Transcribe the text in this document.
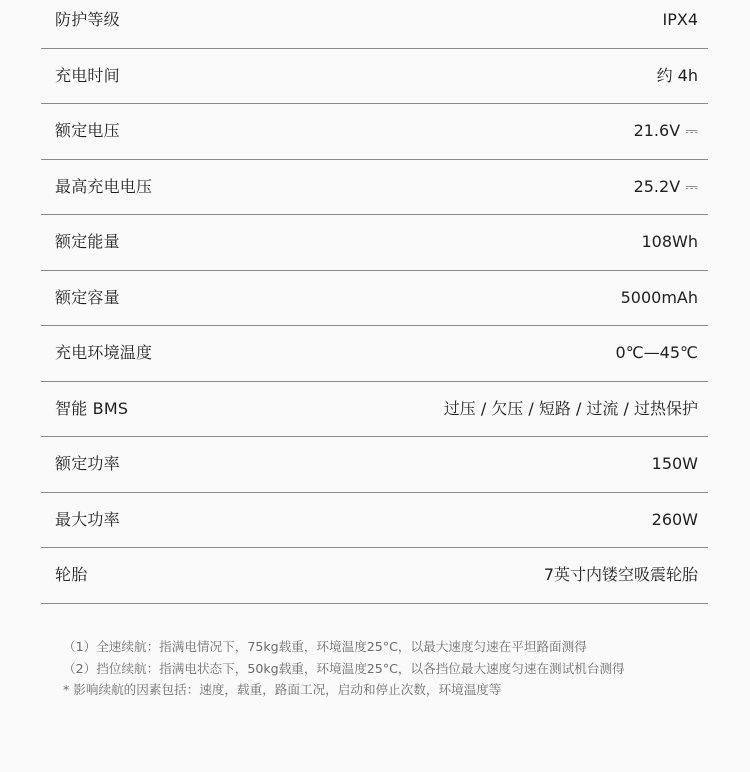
防护等级	IPX4
充电时间	约 4h
额定电压	21.6V ⎓
最高充电电压	25.2V ⎓
额定能量	108Wh
额定容量	5000mAh
充电环境温度	0℃—45℃
智能 BMS	过压 / 欠压 / 短路 / 过流 / 过热保护
额定功率	150W
最大功率	260W
轮胎	7英寸内镂空吸震轮胎
（1）全速续航：指满电情况下，75kg载重，环境温度25°C，以最大速度匀速在平坦路面测得
（2）挡位续航：指满电状态下，50kg载重，环境温度25°C，以各挡位最大速度匀速在测试机台测得
* 影响续航的因素包括：速度，载重，路面工况，启动和停止次数，环境温度等
